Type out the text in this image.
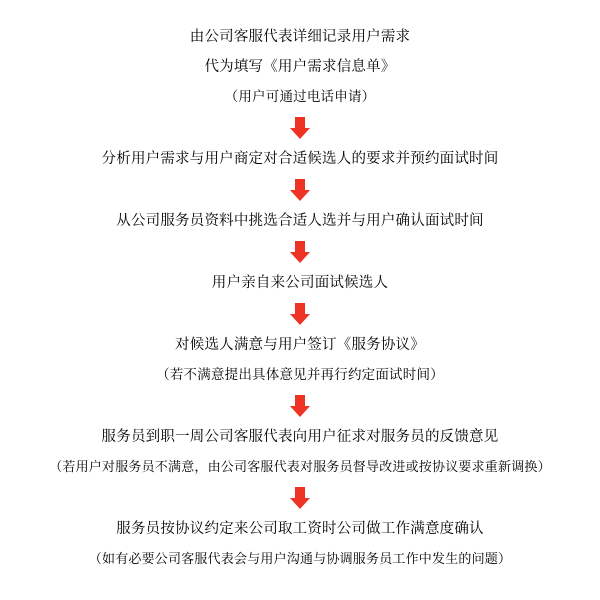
由公司客服代表详细记录用户需求
代为填写《用户需求信息单》
（用户可通过电话申请）
分析用户需求与用户商定对合适候选人的要求并预约面试时间
从公司服务员资料中挑选合适人选并与用户确认面试时间
用户亲自来公司面试候选人
对候选人满意与用户签订《服务协议》
（若不满意提出具体意见并再行约定面试时间）
服务员到职一周公司客服代表向用户征求对服务员的反馈意见
（若用户对服务员不满意，由公司客服代表对服务员督导改进或按协议要求重新调换）
服务员按协议约定来公司取工资时公司做工作满意度确认
（如有必要公司客服代表会与用户沟通与协调服务员工作中发生的问题）
